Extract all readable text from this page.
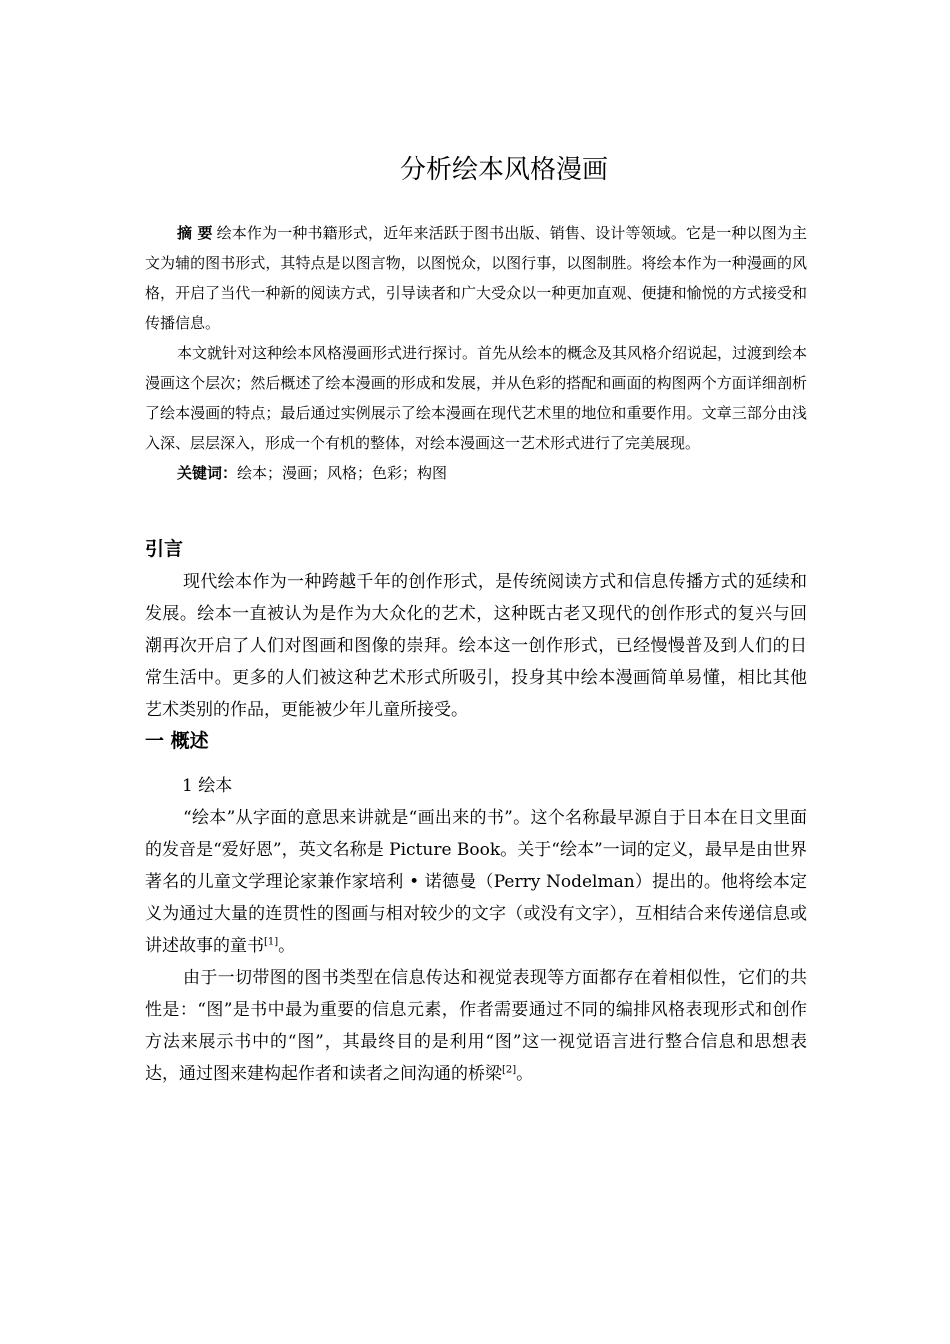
分析绘本风格漫画

摘 要 绘本作为一种书籍形式，近年来活跃于图书出版、销售、设计等领域。它是一种以图为主文为辅的图书形式，其特点是以图言物，以图悦众，以图行事，以图制胜。将绘本作为一种漫画的风格，开启了当代一种新的阅读方式，引导读者和广大受众以一种更加直观、便捷和愉悦的方式接受和传播信息。

本文就针对这种绘本风格漫画形式进行探讨。首先从绘本的概念及其风格介绍说起，过渡到绘本漫画这个层次；然后概述了绘本漫画的形成和发展，并从色彩的搭配和画面的构图两个方面详细剖析了绘本漫画的特点；最后通过实例展示了绘本漫画在现代艺术里的地位和重要作用。文章三部分由浅入深、层层深入，形成一个有机的整体，对绘本漫画这一艺术形式进行了完美展现。

关键词：绘本；漫画；风格；色彩；构图

引言

现代绘本作为一种跨越千年的创作形式，是传统阅读方式和信息传播方式的延续和发展。绘本一直被认为是作为大众化的艺术，这种既古老又现代的创作形式的复兴与回潮再次开启了人们对图画和图像的崇拜。绘本这一创作形式，已经慢慢普及到人们的日常生活中。更多的人们被这种艺术形式所吸引，投身其中绘本漫画简单易懂，相比其他艺术类别的作品，更能被少年儿童所接受。

一 概述
1 绘本

“绘本”从字面的意思来讲就是“画出来的书”。这个名称最早源自于日本在日文里面的发音是“爱好恩”，英文名称是 Picture Book。关于“绘本”一词的定义，最早是由世界著名的儿童文学理论家兼作家培利 • 诺德曼（Perry Nodelman）提出的。他将绘本定义为通过大量的连贯性的图画与相对较少的文字（或没有文字），互相结合来传递信息或讲述故事的童书[1]。

由于一切带图的图书类型在信息传达和视觉表现等方面都存在着相似性，它们的共性是：“图”是书中最为重要的信息元素，作者需要通过不同的编排风格表现形式和创作方法来展示书中的“图”，其最终目的是利用“图”这一视觉语言进行整合信息和思想表达，通过图来建构起作者和读者之间沟通的桥梁[2]。
